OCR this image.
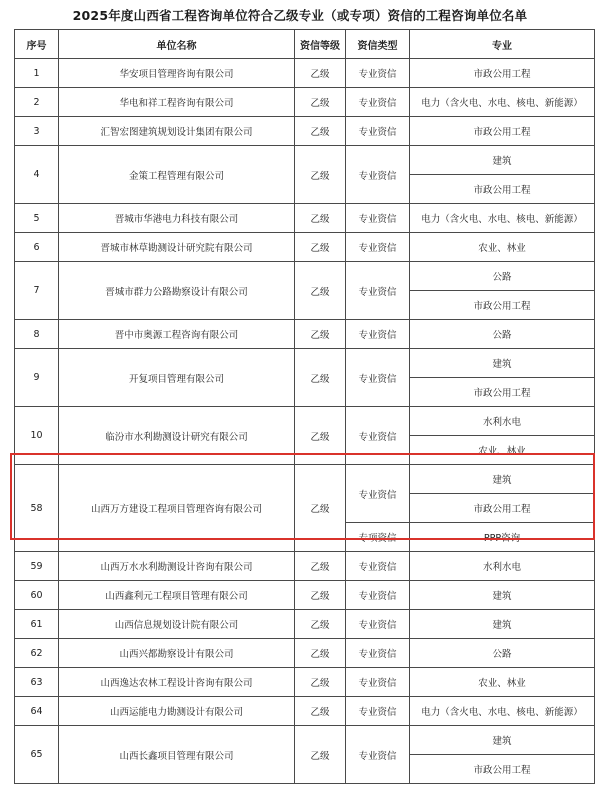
2025年度山西省工程咨询单位符合乙级专业（或专项）资信的工程咨询单位名单
序号	单位名称	资信等级	资信类型	专业
1	华安项目管理咨询有限公司	乙级	专业资信	市政公用工程
2	华电和祥工程咨询有限公司	乙级	专业资信	电力（含火电、水电、核电、新能源）
3	汇智宏图建筑规划设计集团有限公司	乙级	专业资信	市政公用工程
4	金策工程管理有限公司	乙级	专业资信	建筑
				市政公用工程
5	晋城市华港电力科技有限公司	乙级	专业资信	电力（含火电、水电、核电、新能源）
6	晋城市林草勘测设计研究院有限公司	乙级	专业资信	农业、林业
7	晋城市群力公路勘察设计有限公司	乙级	专业资信	公路
				市政公用工程
8	晋中市奥源工程咨询有限公司	乙级	专业资信	公路
9	开复项目管理有限公司	乙级	专业资信	建筑
				市政公用工程
10	临汾市水利勘测设计研究有限公司	乙级	专业资信	水利水电
				农业、林业
58	山西万方建设工程项目管理咨询有限公司	乙级	专业资信	建筑
				市政公用工程
			专项资信	PPP咨询
59	山西万水水利勘测设计咨询有限公司	乙级	专业资信	水利水电
60	山西鑫利元工程项目管理有限公司	乙级	专业资信	建筑
61	山西信息规划设计院有限公司	乙级	专业资信	建筑
62	山西兴都勘察设计有限公司	乙级	专业资信	公路
63	山西逸达农林工程设计咨询有限公司	乙级	专业资信	农业、林业
64	山西运能电力勘测设计有限公司	乙级	专业资信	电力（含火电、水电、核电、新能源）
65	山西长鑫项目管理有限公司	乙级	专业资信	建筑
				市政公用工程
